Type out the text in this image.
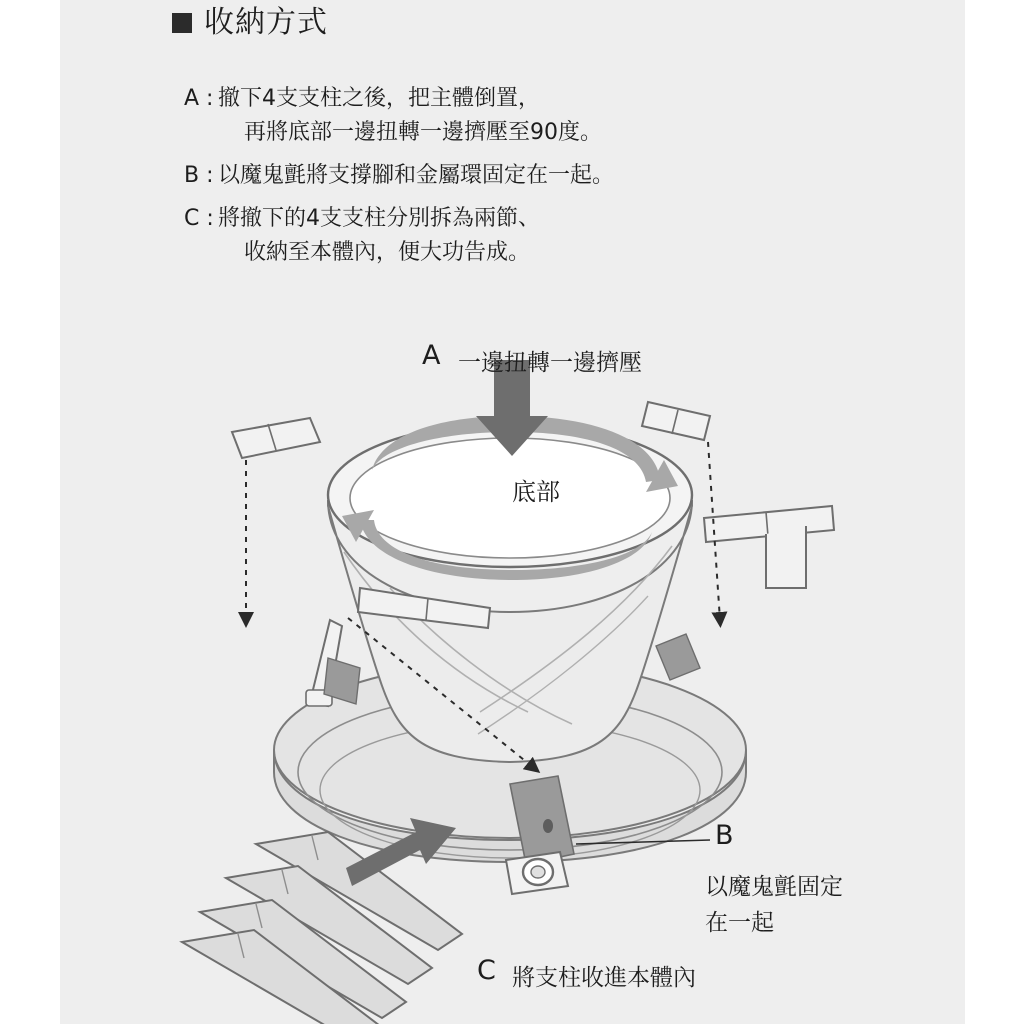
收納方式
A : 撤下4支支柱之後，把主體倒置，
再將底部一邊扭轉一邊擠壓至90度。
B : 以魔鬼氈將支撐腳和金屬環固定在一起。
C : 將撤下的4支支柱分別拆為兩節、
收納至本體內，便大功告成。
A 一邊扭轉一邊擠壓
底部
B
以魔鬼氈固定
在一起
C 將支柱收進本體內
